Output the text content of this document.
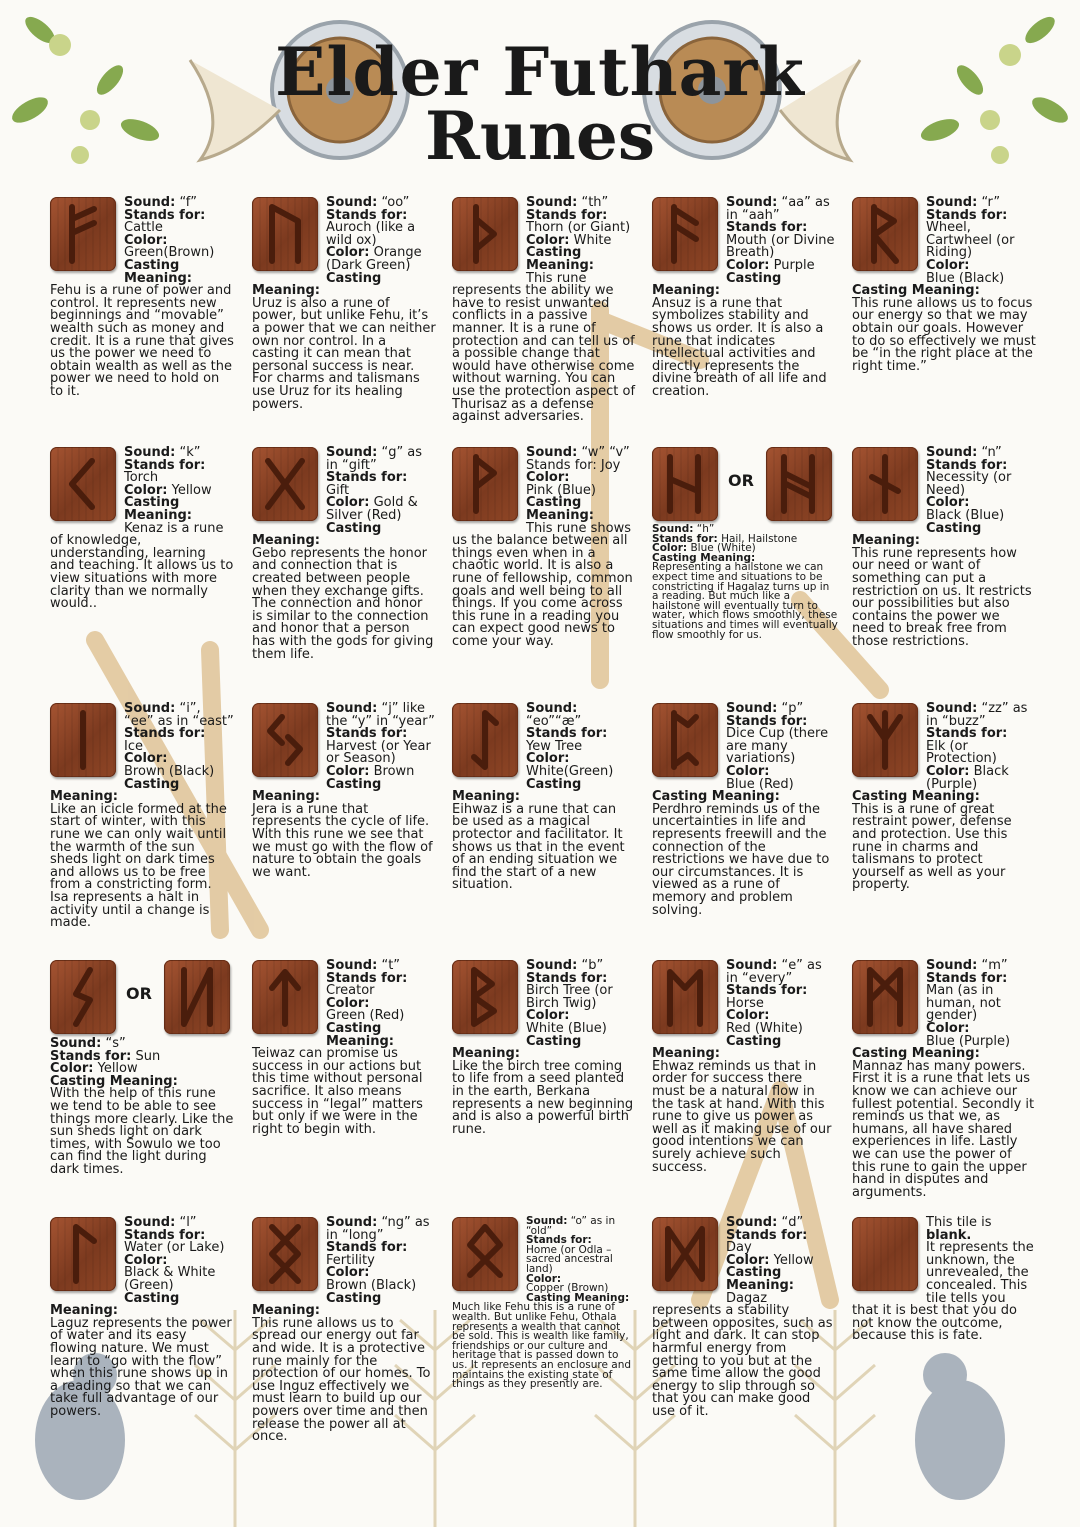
Elder Futhark
Runes
Sound: “f”
Stands for:
Cattle
Color:
Green(Brown)
Casting Meaning:
Fehu is a rune of power and control. It represents new beginnings and “movable” wealth such as money and credit. It is a rune that gives us the power we need to obtain wealth as well as the power we need to hold on to it.
Sound: “oo”
Stands for:
Auroch (like a wild ox)
Color: Orange (Dark Green)
Casting Meaning:
Uruz is also a rune of power, but unlike Fehu, it’s a power that we can neither own nor control. In a casting it can mean that personal success is near. For charms and talismans use Uruz for its healing powers.
Sound: “th”
Stands for:
Thorn (or Giant)
Color: White
Casting Meaning:
This rune represents the ability we have to resist unwanted conflicts in a passive manner. It is a rune of protection and can tell us of a possible change that would have otherwise come without warning. You can use the protection aspect of Thurisaz as a defense against adversaries.
Sound: “aa” as in “aah”
Stands for:
Mouth (or Divine Breath)
Color: Purple
Casting Meaning:
Ansuz is a rune that symbolizes stability and shows us order. It is also a rune that indicates intellectual activities and directly represents the divine breath of all life and creation.
Sound: “r”
Stands for:
Wheel, Cartwheel (or Riding)
Color:
Blue (Black)
Casting Meaning:
This rune allows us to focus our energy so that we may obtain our goals. However to do so effectively we must be “in the right place at the right time.”
Sound: “k”
Stands for:
Torch
Color: Yellow
Casting Meaning:
Kenaz is a rune of knowledge, understanding, learning and teaching. It allows us to view situations with more clarity than we normally would..
Sound: “g” as in “gift”
Stands for:
Gift
Color: Gold & Silver (Red)
Casting Meaning:
Gebo represents the honor and connection that is created between people when they exchange gifts. The connection and honor is similar to the connection and honor that a person has with the gods for giving them life.
Sound: “w” “v”
Stands for: Joy
Color:
Pink (Blue)
Casting Meaning:
This rune shows us the balance between all things even when in a chaotic world. It is also a rune of fellowship, common goals and well being to all things. If you come across this rune in a reading you can expect good news to come your way.
OR
Sound: “h”
Stands for: Hail, Hailstone
Color: Blue (White)
Casting Meaning:
Representing a hailstone we can expect time and situations to be constricting if Hagalaz turns up in a reading. But much like a hailstone will eventually turn to water, which flows smoothly, these situations and times will eventually flow smoothly for us.
Sound: “n”
Stands for:
Necessity (or Need)
Color:
Black (Blue)
Casting Meaning:
This rune represents how our need or want of something can put a restriction on us. It restricts our possibilities but also contains the power we need to break free from those restrictions.
Sound: “i”, “ee” as in “east”
Stands for:
Ice
Color:
Brown (Black)
Casting Meaning:
Like an icicle formed at the start of winter, with this rune we can only wait until the warmth of the sun sheds light on dark times and allows us to be free from a constricting form. Isa represents a halt in activity until a change is made.
Sound: “j” like the “y” in “year”
Stands for:
Harvest (or Year or Season)
Color: Brown
Casting Meaning:
Jera is a rune that represents the cycle of life. With this rune we see that we must go with the flow of nature to obtain the goals we want.
Sound:
“eo”“æ”
Stands for:
Yew Tree
Color:
White(Green)
Casting Meaning:
Eihwaz is a rune that can be used as a magical protector and facilitator. It shows us that in the event of an ending situation we find the start of a new situation.
Sound: “p”
Stands for:
Dice Cup (there are many variations)
Color:
Blue (Red)
Casting Meaning:
Perdhro reminds us of the uncertainties in life and represents freewill and the connection of the restrictions we have due to our circumstances. It is viewed as a rune of memory and problem solving.
Sound: “zz” as in “buzz”
Stands for:
Elk (or Protection)
Color: Black (Purple)
Casting Meaning:
This is a rune of great restraint power, defense and protection. Use this rune in charms and talismans to protect yourself as well as your property.
OR
Sound: “s”
Stands for: Sun
Color: Yellow
Casting Meaning:
With the help of this rune we tend to be able to see things more clearly. Like the sun sheds light on dark times, with Sowulo we too can find the light during dark times.
Sound: “t”
Stands for:
Creator
Color:
Green (Red)
Casting Meaning:
Teiwaz can promise us success in our actions but this time without personal sacrifice. It also means success in “legal” matters but only if we were in the right to begin with.
Sound: “b”
Stands for:
Birch Tree (or Birch Twig)
Color:
White (Blue)
Casting Meaning:
Like the birch tree coming to life from a seed planted in the earth, Berkana represents a new beginning and is also a powerful birth rune.
Sound: “e” as in “every”
Stands for:
Horse
Color:
Red (White)
Casting Meaning:
Ehwaz reminds us that in order for success there must be a natural flow in the task at hand. With this rune to give us power as well as it making use of our good intentions we can surely achieve such success.
Sound: “m”
Stands for:
Man (as in human, not gender)
Color:
Blue (Purple)
Casting Meaning:
Mannaz has many powers. First it is a rune that lets us know we can achieve our fullest potential. Secondly it reminds us that we, as humans, all have shared experiences in life. Lastly we can use the power of this rune to gain the upper hand in disputes and arguments.
Sound: “l”
Stands for:
Water (or Lake)
Color:
Black & White (Green)
Casting Meaning:
Laguz represents the power of water and its easy flowing nature. We must learn to “go with the flow” when this rune shows up in a reading so that we can take full advantage of our powers.
Sound: “ng” as in “long”
Stands for:
Fertility
Color:
Brown (Black)
Casting Meaning:
This rune allows us to spread our energy out far and wide. It is a protective rune mainly for the protection of our homes. To use Inguz effectively we must learn to build up our powers over time and then release the power all at once.
Sound: “o” as in “old”
Stands for:
Home (or Odla – sacred ancestral land)
Color:
Copper (Brown)
Casting Meaning:
Much like Fehu this is a rune of wealth. But unlike Fehu, Othala represents a wealth that cannot be sold. This is wealth like family, friendships or our culture and heritage that is passed down to us. It represents an enclosure and maintains the existing state of things as they presently are.
Sound: “d”
Stands for:
Day
Color: Yellow
Casting Meaning:
Dagaz represents a stability between opposites, such as light and dark. It can stop harmful energy from getting to you but at the same time allow the good energy to slip through so that you can make good use of it.
This tile is
blank.
It represents the unknown, the unrevealed, the concealed. This tile tells you that it is best that you do not know the outcome, because this is fate.
